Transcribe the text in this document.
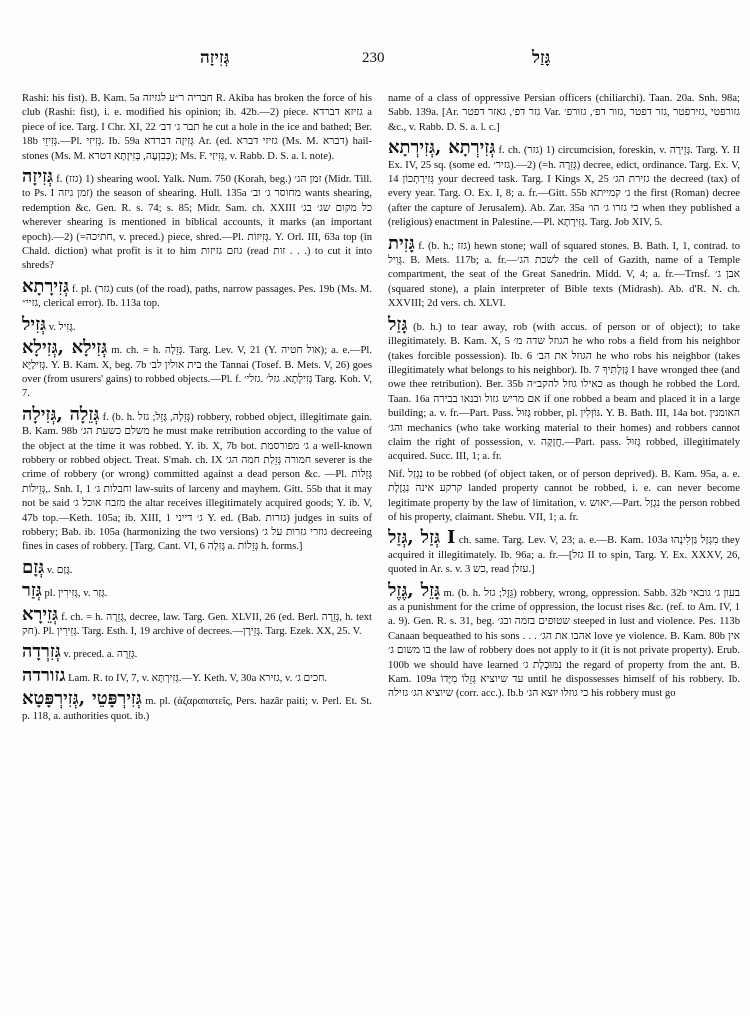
גְּזִיזָה	230	גָּזַל

Rashi: his fist). B. Kam. 5a חבריה ר״ע לגזיזה R. Akiba has broken the force of his club (Rashi: fist), i. e. modified his opinion; ib. 42b.—2) piece. גזיזא דברדא a piece of ice. Targ. I Chr. XI, 22 תבר ג׳ דב׳ he cut a hole in the ice and bathed; Ber. 18b גְּזִיזֵי.—Pl. גְּזִיזִי. Ib. 59a גְּזִיזָה דברדא Ar. (ed. גזיזי דברא (Ms. M. דברא) hail-stones (Ms. M. כְּבִזְעָה, בְּזִיזָתָא דטרא); Ms. F. גְּזִיזַי, v. Rabb. D. S. a. l. note).

גְּזִיזָה f. (גזז) 1) shearing wool. Yalk. Num. 750 (Korah, beg.) זמן הג׳ (Midr. Till. to Ps. I זמן גיזה) the season of shearing. Hull. 135a מחוסר ג׳ וב׳ wants shearing, redemption &c. Gen. R. s. 74; s. 85; Midr. Sam. ch. XXIII כל מקום שג׳ בג׳ wherever shearing is mentioned in biblical accounts, it marks (an important epoch).—2) (=חתיכה, v. preced.) piece, shred.—Pl. גְּזִיזוֹת. Y. Orl. III, 63a top (in Chald. diction) what profit is it to him גוזם גזיזות (read זות . . .) to cut it into shreds?

גְּזִירָתָא f. pl. (גזר) cuts (of the road), paths, narrow passages. Pes. 19b (Ms. M. גזיי״, clerical error). Ib. 113a top.

גְּזִיל v. גָּזִיל.

גְּזִילָא ,גְּזִילָא m. ch. = h. גְּזֵלָה. Targ. Lev. V, 21 (Y. אול חטיה); a. e.—Pl. גְּזִילַיָּא. Y. B. Kam. X, beg. 7b בית אולין לב׳ the Tannai (Tosef. B. Mets. V, 26) goes over (from usurers' gains) to robbed objects.—Pl. f. גְּזִילָתָא. גזל׳ .גזלי׳ Targ. Koh. V, 7.

גְּזֵלָה ,גְּזִילָה f. (b. h. גְּזֵלָה, גָּזֵל; גזל) robbery, robbed object, illegitimate gain. B. Kam. 98b משלם כשעת הג׳ he must make retribution according to the value of the object at the time it was robbed. Y. ib. X, 7b bot. ג׳ מפורסמת a well-known robbery or robbed object. Treat. S'mah. ch. IX חמורה גְּזֵלַת חמה הג׳ severer is the crime of robbery (or wrong) committed against a dead person &c. —Pl. גְּזֵלוֹת ,גְּזֵילוֹת. Snh. I, 1 וחבלות ג׳ law-suits of larceny and mayhem. Gitt. 55b that it may not be said מזבח אוכל ג׳ the altar receives illegitimately acquired goods; Y. ib. V, 47b top.—Keth. 105a; ib. XIII, 1 ג׳ דייני Y. ed. (Bab. גזרות) judges in suits of robbery; Bab. ib. 105a (harmonizing the two versions) גוזרי גזרות על ג׳ decreeing fines in cases of robbery. [Targ. Cant. VI, 6 גְּזִלָה a. גְּזֵלוֹת h. forms.]

גְּזָם v. גָּזַם.

גְּזַר pl. גְּזִירִין, v. גְּזַר.

גְּזֵירָא f. ch. = h. גְּזֵרָה, decree, law. Targ. Gen. XLVII, 26 (ed. Berl. גְּזֵרָה, h. text חק). Pl. גְּזֵירִין. Targ. Esth. I, 19 archive of decrees.—גְּזֵירָן. Targ. Ezek. XX, 25. V.

גְּזִרְדָה v. preced. a. גְּזֵרָה.

גזורדה Lam. R. to IV, 7, v. גְּזִירְתָּא.—Y. Keth. V, 30a גזירא, v. חכים ג׳.

גְּזִירְפָּטֵי ,גְּזִירְפָּטָא m. pl. (ἀζαραπατεῖς, Pers. hazâr paiti; v. Perl. Et. St. p. 118, a. authorities quot. ib.)

name of a class of oppressive Persian officers (chiliarchi). Taan. 20a. Snh. 98a; Sabb. 139a. [Ar. גזר דפ׳, גאזר דפטר Var. גזורפטי ,גזירפטר ,גזר דפטר ,גזור דפ׳, גזורפ׳ &c., v. Rabb. D. S. a. l. c.]

גְּזִירְתָא ,גְּזִירְתָא f. ch. (גזר) 1) circumcision, foreskin, v. גְּזֵירָה. Targ. Y. II Ex. IV, 25 sq. (some ed. גזיר׳).—2) (=h. גְּזֵרָה) decree, edict, ordinance. Targ. Ex. V, 14 גְּזִירַתְכוֹן your decreed task. Targ. I Kings X, 25 גזירת הג׳ the decreed (tax) of every year. Targ. O. Ex. I, 8; a. fr.—Gitt. 55b ג׳ קמייתא the first (Roman) decree (after the capture of Jerusalem). Ab. Zar. 35a כי גזרו ג׳ הו׳ when they published a (religious) enactment in Palestine.—Pl. גְּזִירָתָא. Targ. Job XIV, 5.

גָּזִית f. (b. h.; גזז) hewn stone; wall of squared stones. B. Bath. I, 1, contrad. to גְּוִיל. B. Mets. 117b; a. fr.—לשכת הג׳ the cell of Gazith, name of a Temple compartment, the seat of the Great Sanedrin. Midd. V, 4; a. fr.—Trnsf. אבן ג׳ (squared stone), a plain interpreter of Bible texts (Midrash). Ab. d'R. N. ch. XXVIII; 2d vers. ch. XLVI.

גָּזַל (b. h.) to tear away, rob (with accus. of person or of object); to take illegitimately. B. Kam. X, 5 הגוזל שדה מ׳ he who robs a field from his neighbor (takes forcible possession). Ib. 6 הגוזל את הב׳ he who robs his neighbor (takes illegitimately what belongs to his neighbor). Ib. 7 גְּזַלְתִּיךָ I have wronged thee (and owe thee retribution). Ber. 35b כאילו גוזל להקב״ה as though he robbed the Lord. Taan. 16a אם מריש גזול ובנאו בבירה if one robbed a beam and placed it in a large building; a. v. fr.—Part. Pass. גָּזוּל robber, pl. גּוֹזְלִין. Y. B. Bath. III, 14a bot. האומנין והג׳ mechanics (who take working material to their homes) and robbers cannot claim the right of possession, v. חֲזָקָה.—Part. pass. גָּזוּל robbed, illegitimately acquired. Succ. III, 1; a. fr.

Nif. נִגְזַל to be robbed (of object taken, or of person deprived). B. Kam. 95a, a. e. קרקע אינה נִגְזֶלֶת landed property cannot be robbed, i. e. can never become legitimate property by the law of limitation, v. יאוש.—Part. נִגְזָל the person robbed of his property, claimant. Shebu. VII, 1; a. fr.

גְּזַל ,גְּזַל I ch. same. Targ. Lev. V, 23; a. e.—B. Kam. 103a מִגְזַל גַּזְלִינְהוּ they acquired it illegitimately. Ib. 96a; a. fr.—[גזל II to spin, Targ. Y. Ex. XXXV, 26, quoted in Ar. s. v. כש 3, read עזלן.]

גָּזֵל ,גֶּזֶל m. (b. h. גֵּזֶל; גזל) robbery, wrong, oppression. Sabb. 32b בעון ג׳ גובאי as a punishment for the crime of oppression, the locust rises &c. (ref. to Am. IV, 1 a. 9). Gen. R. s. 31, beg. שטופים בזמה ובג׳ steeped in lust and violence. Pes. 113b Canaan bequeathed to his sons . . . אהבו את הג׳ love ye violence. B. Kam. 80b אין בו משום ג׳ the law of robbery does not apply to it (it is not private property). Erub. 100b we should have learned נִמּוּכְלָת ג׳ the regard of property from the ant. B. Kam. 109a עד שיוציא גְּזֵלוֹ מִיָּדוֹ until he dispossesses himself of his robbery. Ib. שיוציא הג׳ גזילה (corr. acc.). Ib.b כי גוזלו יוצא הג׳ his robbery must go
